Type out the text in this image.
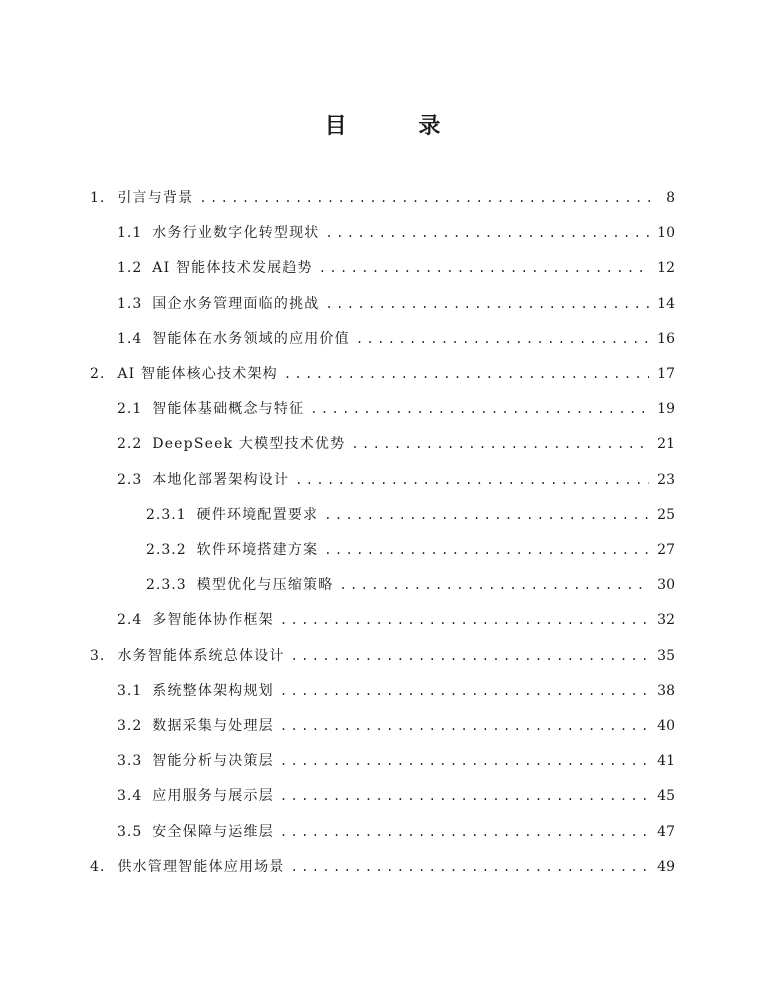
目 录
1. 引言与背景 .....	8
1.1 水务行业数字化转型现状 .....	10
1.2 AI 智能体技术发展趋势 .....	12
1.3 国企水务管理面临的挑战 .....	14
1.4 智能体在水务领域的应用价值 .....	16
2. AI 智能体核心技术架构 .....	17
2.1 智能体基础概念与特征 .....	19
2.2 DeepSeek 大模型技术优势 .....	21
2.3 本地化部署架构设计 .....	23
2.3.1 硬件环境配置要求 .....	25
2.3.2 软件环境搭建方案 .....	27
2.3.3 模型优化与压缩策略 .....	30
2.4 多智能体协作框架 .....	32
3. 水务智能体系统总体设计 .....	35
3.1 系统整体架构规划 .....	38
3.2 数据采集与处理层 .....	40
3.3 智能分析与决策层 .....	41
3.4 应用服务与展示层 .....	45
3.5 安全保障与运维层 .....	47
4. 供水管理智能体应用场景 .....	49
